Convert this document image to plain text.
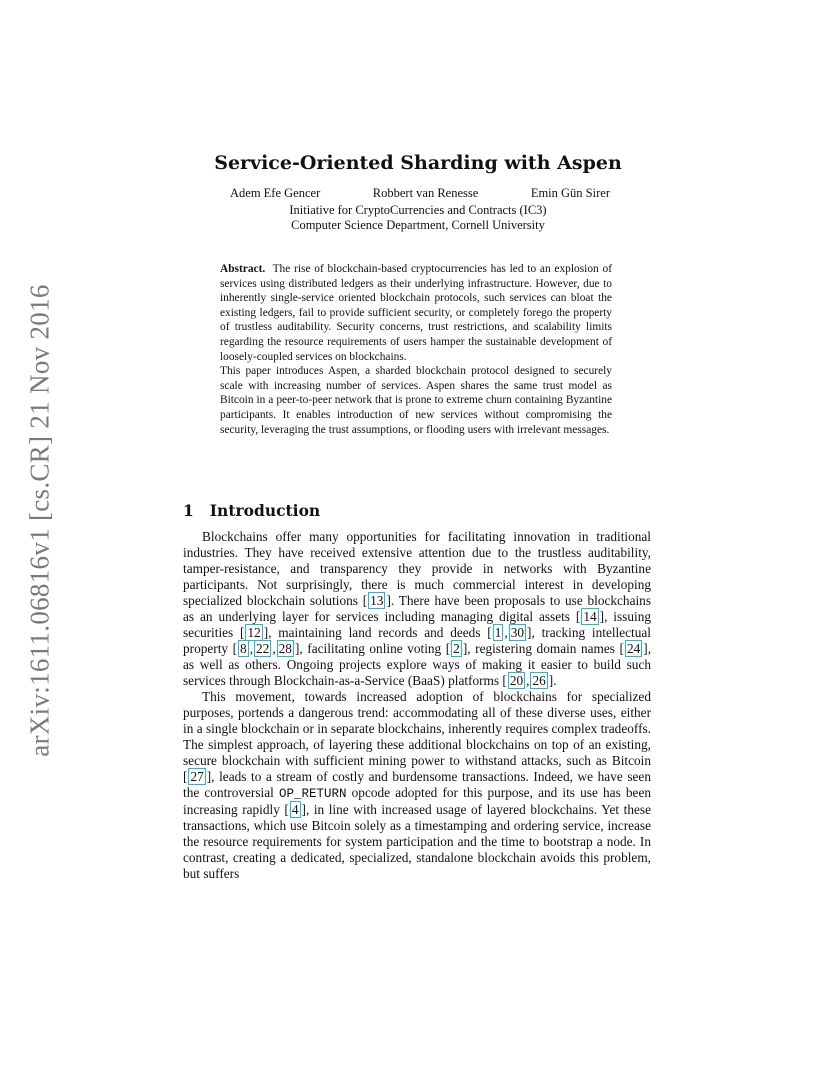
arXiv:1611.06816v1 [cs.CR] 21 Nov 2016
Service-Oriented Sharding with Aspen
Adem Efe Gencer	Robbert van Renesse	Emin Gün Sirer
Initiative for CryptoCurrencies and Contracts (IC3)
Computer Science Department, Cornell University

Abstract. The rise of blockchain-based cryptocurrencies has led to an explosion of services using distributed ledgers as their underlying infrastructure. However, due to inherently single-service oriented blockchain protocols, such services can bloat the existing ledgers, fail to provide sufficient security, or completely forego the property of trustless auditability. Security concerns, trust restrictions, and scalability limits regarding the resource requirements of users hamper the sustainable development of loosely-coupled services on blockchains.

This paper introduces Aspen, a sharded blockchain protocol designed to securely scale with increasing number of services. Aspen shares the same trust model as Bitcoin in a peer-to-peer network that is prone to extreme churn containing Byzantine participants. It enables introduction of new services without compromising the security, leveraging the trust assumptions, or flooding users with irrelevant messages.

1 Introduction

Blockchains offer many opportunities for facilitating innovation in traditional industries. They have received extensive attention due to the trustless auditability, tamper-resistance, and transparency they provide in networks with Byzantine participants. Not surprisingly, there is much commercial interest in developing specialized blockchain solutions [ 13 ]. There have been proposals to use blockchains as an underlying layer for services including managing digital assets [ 14 ], issuing securities [ 12 ], maintaining land records and deeds [ 1 , 30 ], tracking intellectual property [ 8 , 22 , 28 ], facilitating online voting [ 2 ], registering domain names [ 24 ], as well as others. Ongoing projects explore ways of making it easier to build such services through Blockchain-as-a-Service (BaaS) platforms [ 20 , 26 ].

This movement, towards increased adoption of blockchains for specialized purposes, portends a dangerous trend: accommodating all of these diverse uses, either in a single blockchain or in separate blockchains, inherently requires complex tradeoffs. The simplest approach, of layering these additional blockchains on top of an existing, secure blockchain with sufficient mining power to withstand attacks, such as Bitcoin [ 27 ], leads to a stream of costly and burdensome transactions. Indeed, we have seen the controversial OP_RETURN opcode adopted for this purpose, and its use has been increasing rapidly [ 4 ], in line with increased usage of layered blockchains. Yet these transactions, which use Bitcoin solely as a timestamping and ordering service, increase the resource requirements for system participation and the time to bootstrap a node. In contrast, creating a dedicated, specialized, standalone blockchain avoids this problem, but suffers
